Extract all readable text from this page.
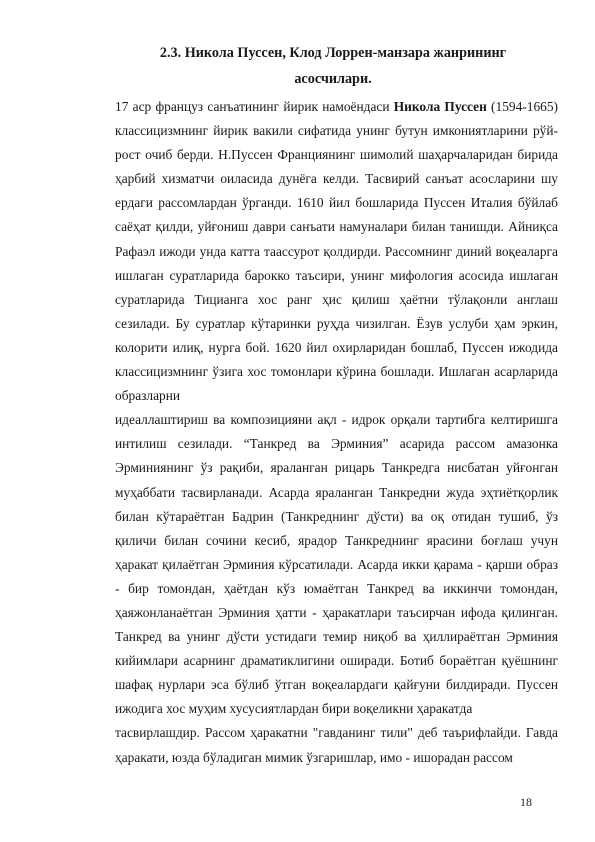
2.3. Никола Пуссен, Клод Лоррен-манзара жанрининг
асосчилари.

17 аср француз санъатининг йирик намоёндаси Никола Пуссен (1594-1665) классицизмнинг йирик вакили сифатида унинг бутун имкониятларини рўй-рост очиб берди. Н.Пуссен Франциянинг шимолий шаҳарчаларидан бирида ҳарбий хизматчи оиласида дунёга келди. Тасвирий санъат асосларини шу ердаги рассомлардан ўрганди. 1610 йил бошларида Пуссен Италия бўйлаб саёҳат қилди, уйғониш даври санъати намуналари билан танишди. Айниқса Рафаэл ижоди унда катта таассурот қолдирди. Рассомнинг диний воқеаларга ишлаган суратларида барокко таъсири, унинг мифология асосида ишлаган суратларида Тицианга хос ранг ҳис қилиш ҳаётни тўлақонли англаш сезилади. Бу суратлар кўтаринки руҳда чизилган. Ёзув услуби ҳам эркин, колорити илиқ, нурга бой. 1620 йил охирларидан бошлаб, Пуссен ижодида классицизмнинг ўзига хос томонлари кўрина бошлади. Ишлаган асарларида образларни

идеаллаштириш ва композицияни ақл - идрок орқали тартибга келтиришга интилиш сезилади. “Танкред ва Эрминия” асарида рассом амазонка Эрминиянинг ўз рақиби, яраланган рицарь Танкредга нисбатан уйғонган муҳаббати тасвирланади. Асарда яраланган Танкредни жуда эҳтиётқорлик билан кўтараётган Бадрин (Танкреднинг дўсти) ва оқ отидан тушиб, ўз қиличи билан сочини кесиб, ярадор Танкреднинг ярасини боғлаш учун ҳаракат қилаётган Эрминия кўрсатилади. Асарда икки қарама - қарши образ - бир томондан, ҳаётдан кўз юмаётган Танкред ва иккинчи томондан, ҳаяжонланаётган Эрминия ҳатти - ҳаракатлари таъсирчан ифода қилинган. Танкред ва унинг дўсти устидаги темир ниқоб ва ҳиллираётган Эрминия кийимлари асарнинг драматиклигини оширади. Ботиб бораётган қуёшнинг шафақ нурлари эса бўлиб ўтган воқеалардаги қайғуни билдиради. Пуссен ижодига хос муҳим хусусиятлардан бири воқеликни ҳаракатда

тасвирлашдир. Рассом ҳаракатни "гавданинг тили" деб таърифлайди. Гавда ҳаракати, юзда бўладиган мимик ўзгаришлар, имо - ишорадан рассом

18
